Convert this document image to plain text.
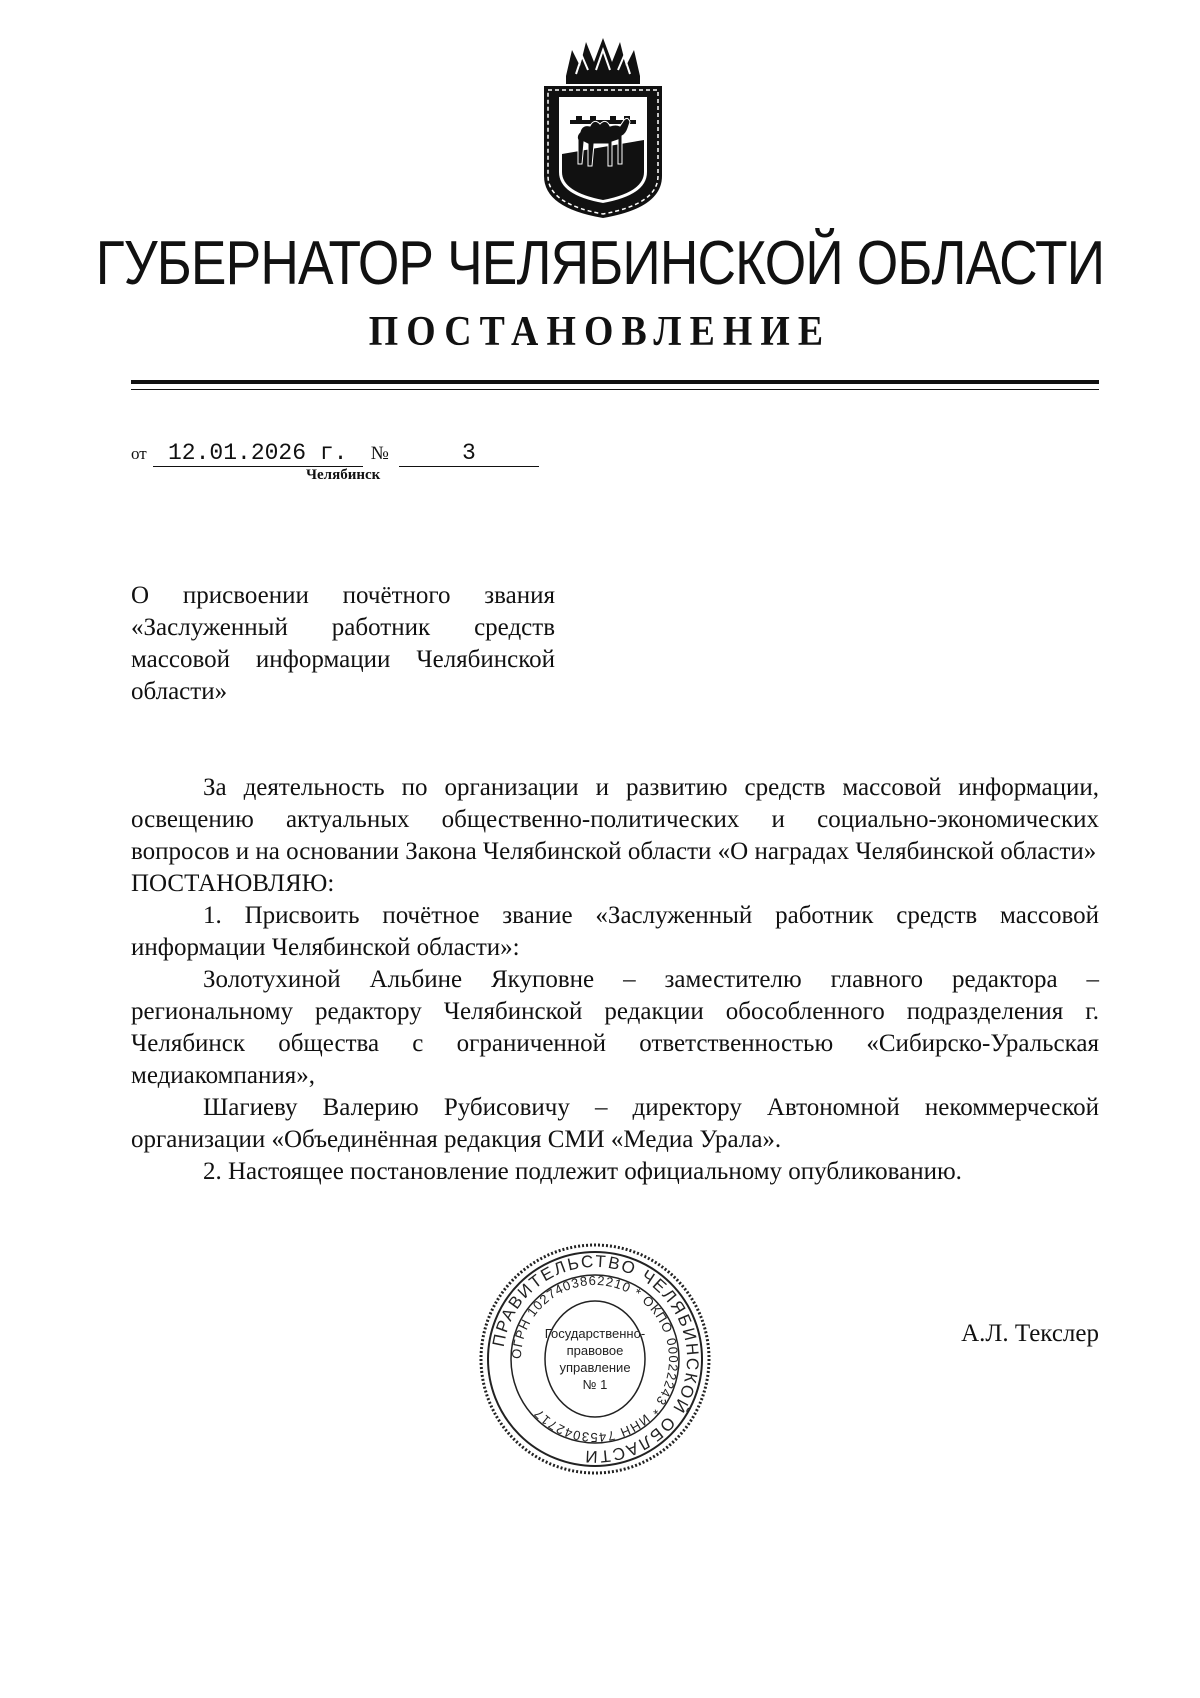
ГУБЕРНАТОР ЧЕЛЯБИНСКОЙ ОБЛАСТИ
ПОСТАНОВЛЕНИЕ
от 12.01.2026 г. №	3
Челябинск
О присвоении почётного звания «Заслуженный работник средств массовой информации Челябинской области»

За деятельность по организации и развитию средств массовой информации, освещению актуальных общественно-политических и социально-экономических вопросов и на основании Закона Челябинской области «О наградах Челябинской области»

ПОСТАНОВЛЯЮ:

1. Присвоить почётное звание «Заслуженный работник средств массовой информации Челябинской области»:

Золотухиной Альбине Якуповне – заместителю главного редактора – региональному редактору Челябинской редакции обособленного подразделения г. Челябинск общества с ограниченной ответственностью «Сибирско-Уральская медиакомпания»,

Шагиеву Валерию Рубисовичу – директору Автономной некоммерческой организации «Объединённая редакция СМИ «Медиа Урала».

2. Настоящее постановление подлежит официальному опубликованию.

ПРАВИТЕЛЬСТВО ЧЕЛЯБИНСКОЙ ОБЛАСТИ
ОГРН 1027403862210 * ОКПО 00022243 * ИНН 7453042717
Государственно-
правовое
управление
№ 1
А.Л. Текслер
